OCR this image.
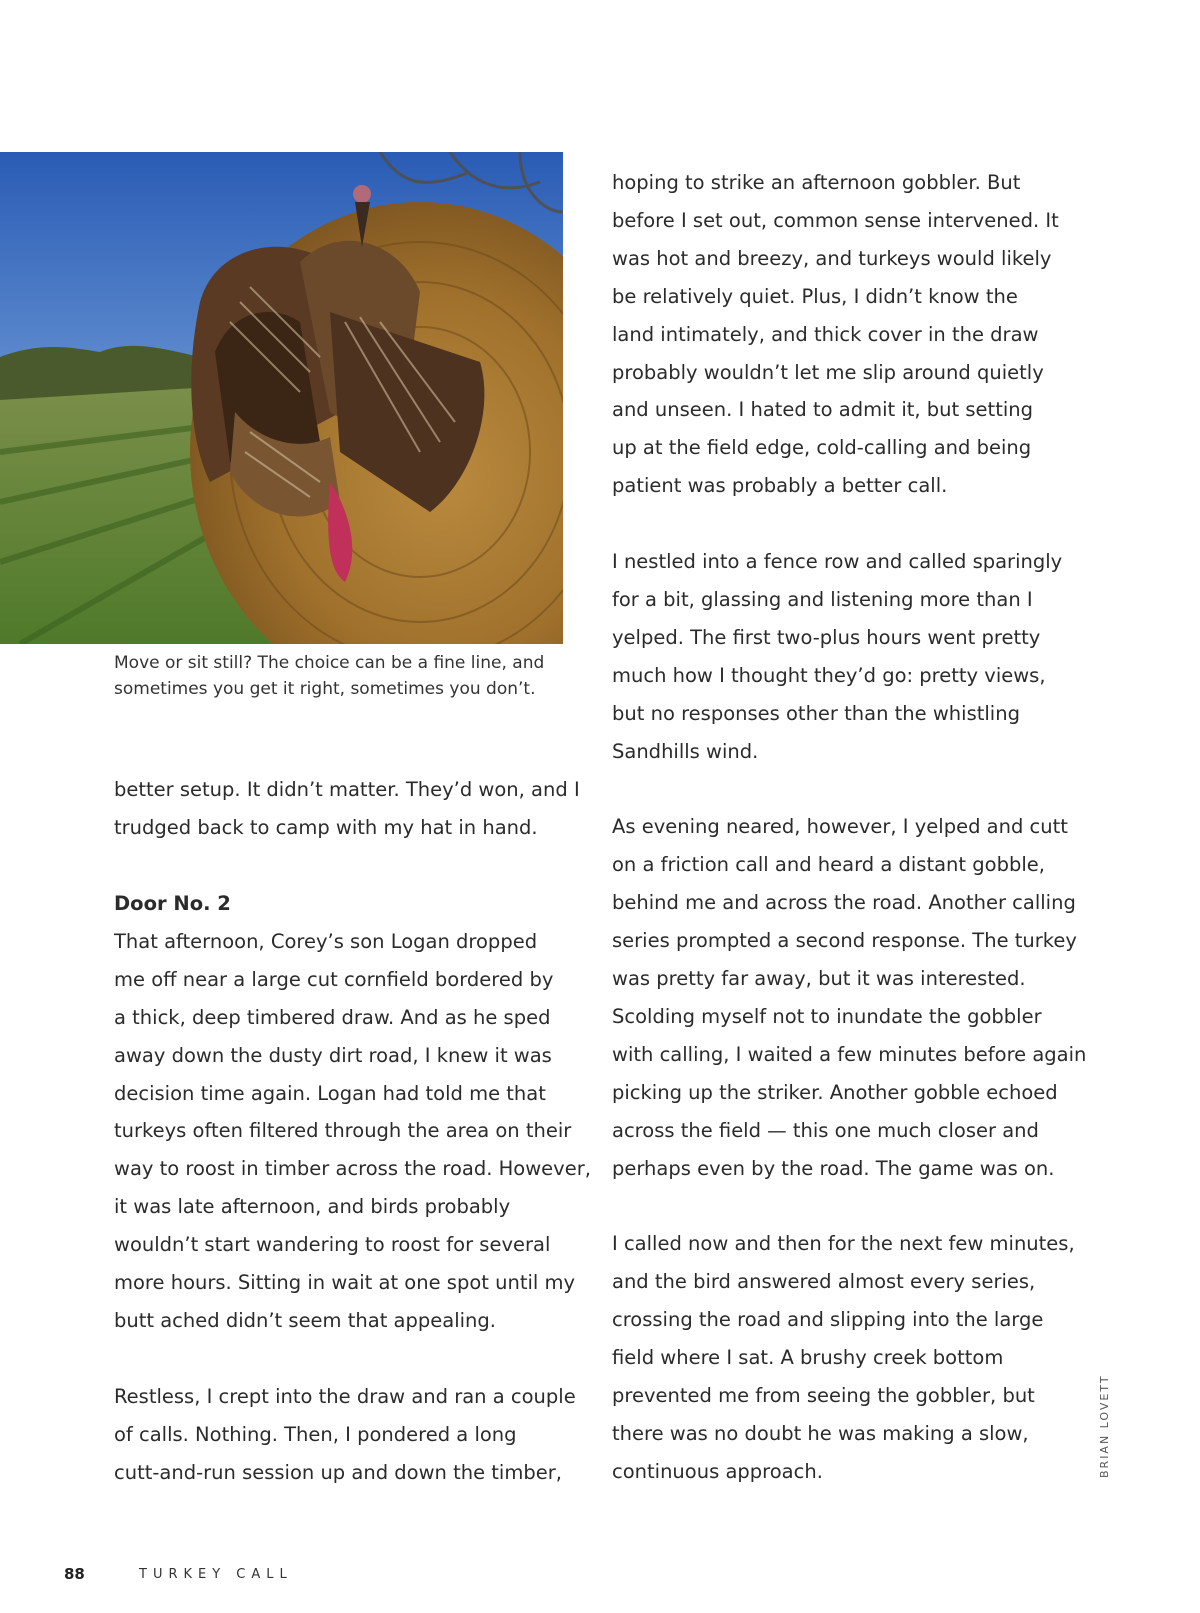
Move or sit still? The choice can be a fine line, and

sometimes you get it right, sometimes you don’t.

better setup. It didn’t matter. They’d won, and I

trudged back to camp with my hat in hand.

Door No. 2

That afternoon, Corey’s son Logan dropped

me off near a large cut cornfield bordered by

a thick, deep timbered draw. And as he sped

away down the dusty dirt road, I knew it was

decision time again. Logan had told me that

turkeys often filtered through the area on their

way to roost in timber across the road. However,

it was late afternoon, and birds probably

wouldn’t start wandering to roost for several

more hours. Sitting in wait at one spot until my

butt ached didn’t seem that appealing.

Restless, I crept into the draw and ran a couple

of calls. Nothing. Then, I pondered a long

cutt-and-run session up and down the timber,

hoping to strike an afternoon gobbler. But

before I set out, common sense intervened. It

was hot and breezy, and turkeys would likely

be relatively quiet. Plus, I didn’t know the

land intimately, and thick cover in the draw

probably wouldn’t let me slip around quietly

and unseen. I hated to admit it, but setting

up at the field edge, cold-calling and being

patient was probably a better call.

I nestled into a fence row and called sparingly

for a bit, glassing and listening more than I

yelped. The first two-plus hours went pretty

much how I thought they’d go: pretty views,

but no responses other than the whistling

Sandhills wind.

As evening neared, however, I yelped and cutt

on a friction call and heard a distant gobble,

behind me and across the road. Another calling

series prompted a second response. The turkey

was pretty far away, but it was interested.

Scolding myself not to inundate the gobbler

with calling, I waited a few minutes before again

picking up the striker. Another gobble echoed

across the field — this one much closer and

perhaps even by the road. The game was on.

I called now and then for the next few minutes,

and the bird answered almost every series,

crossing the road and slipping into the large

field where I sat. A brushy creek bottom

prevented me from seeing the gobbler, but

there was no doubt he was making a slow,

continuous approach.	BRIAN LOVETT
88	TURKEY CALL
